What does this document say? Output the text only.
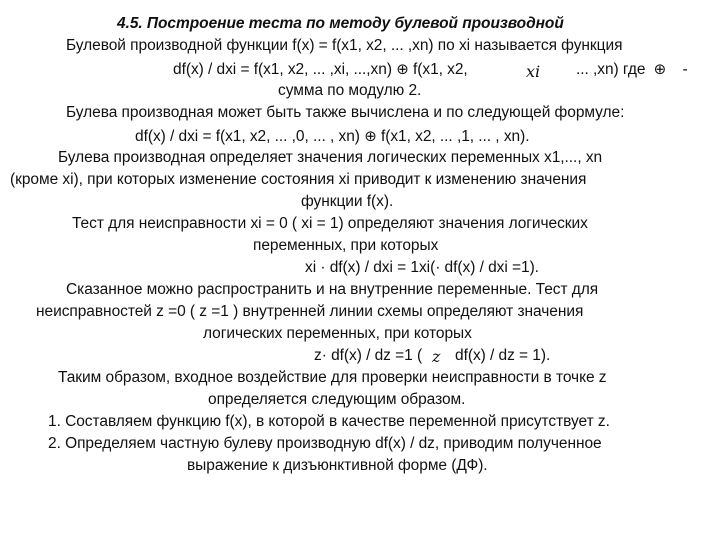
4.5. Построение теста по методу булевой производной
Булевой производной функции f(x) = f(x1, x2, ... ,xn) по xi называется функция
df(x) / dxi = f(x1, x2, ... ,xi, ...,xn) ⊕ f(x1, x2,	xi ... ,xn) где ⊕ -
сумма по модулю 2.
Булева производная может быть также вычислена и по следующей формуле:
df(x) / dxi = f(x1, x2, ... ,0, ... , xn) ⊕ f(x1, x2, ... ,1, ... , xn).
Булева производная определяет значения логических переменных x1,..., xn
(кроме xi), при которых изменение состояния xi приводит к изменению значения
функции f(x).
Тест для неисправности xi = 0 ( xi = 1) определяют значения логических
переменных, при которых
xi · df(x) / dxi = 1xi(· df(x) / dxi =1).
Сказанное можно распространить и на внутренние переменные. Тест для
неисправностей z =0 ( z =1 ) внутренней линии схемы определяют значения
логических переменных, при которых
z· df(x) / dz =1 ( z df(x) / dz = 1).
Таким образом, входное воздействие для проверки неисправности в точке z
определяется следующим образом.
1. Составляем функцию f(x), в которой в качестве переменной присутствует z.
2. Определяем частную булеву производную df(x) / dz, приводим полученное
выражение к дизъюнктивной форме (ДФ).
